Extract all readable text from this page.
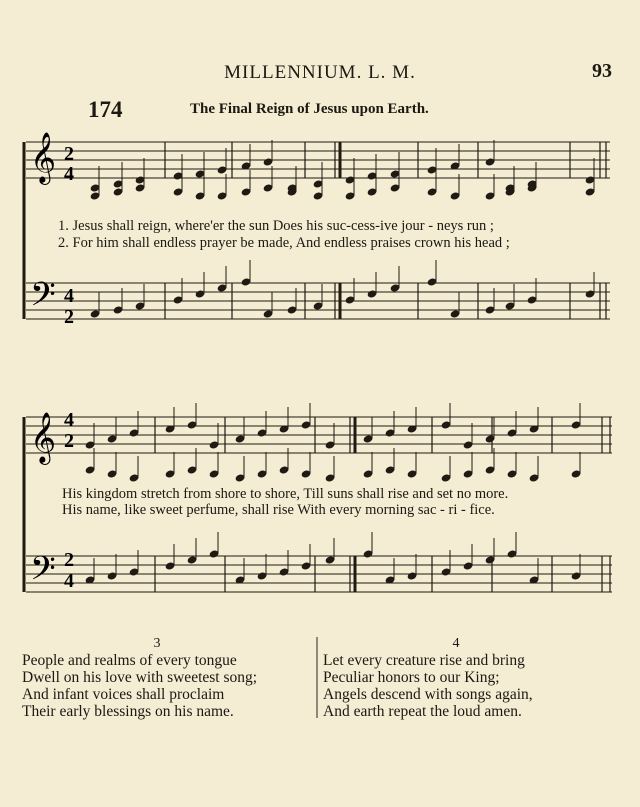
MILLENNIUM. L. M.	93
174	The Final Reign of Jesus upon Earth.
𝄞 2
4
𝄢 4
2
𝄞 4
2
𝄢 2
4
1. Jesus shall reign, where'er the sun Does his suc-cess-ive jour - neys run ;
2. For him shall endless prayer be made, And endless praises crown his head ;
His kingdom stretch from shore to shore, Till suns shall rise and set no more.
His name, like sweet perfume, shall rise With every morning sac - ri - fice.
3
People and realms of every tongue
Dwell on his love with sweetest song;
And infant voices shall proclaim
Their early blessings on his name.
4
Let every creature rise and bring
Peculiar honors to our King;
Angels descend with songs again,
And earth repeat the loud amen.
